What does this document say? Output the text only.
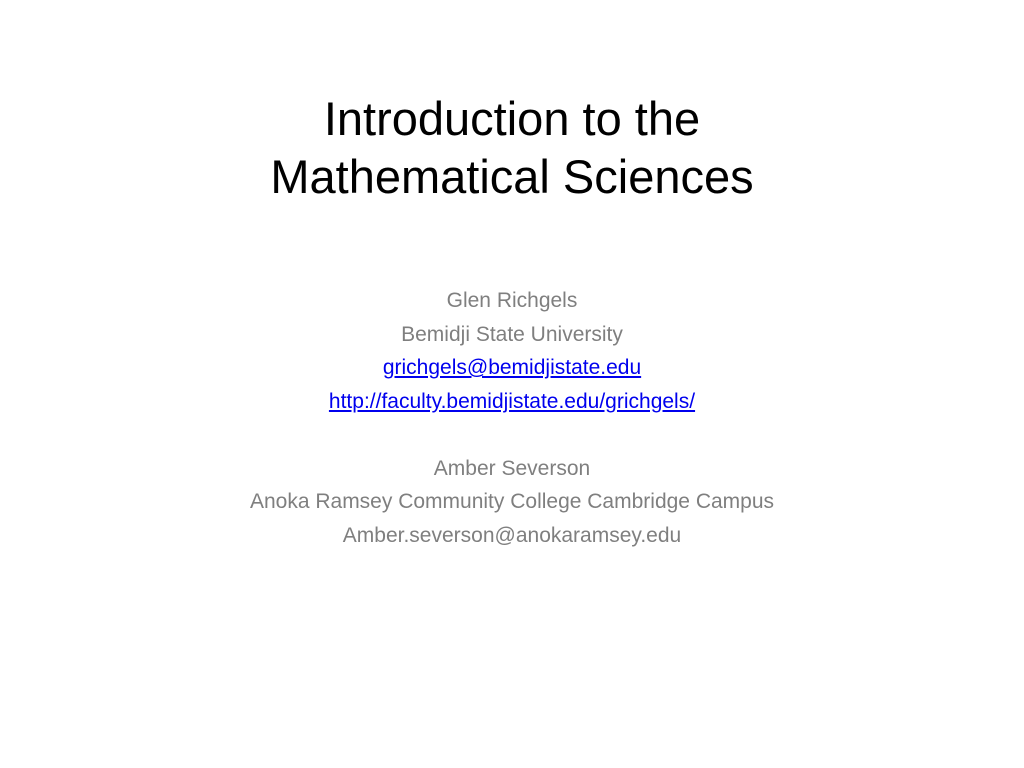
Introduction to the
Mathematical Sciences
Glen Richgels
Bemidji State University
grichgels@bemidjistate.edu
http://faculty.bemidjistate.edu/grichgels/
Amber Severson
Anoka Ramsey Community College Cambridge Campus
Amber.severson@anokaramsey.edu
